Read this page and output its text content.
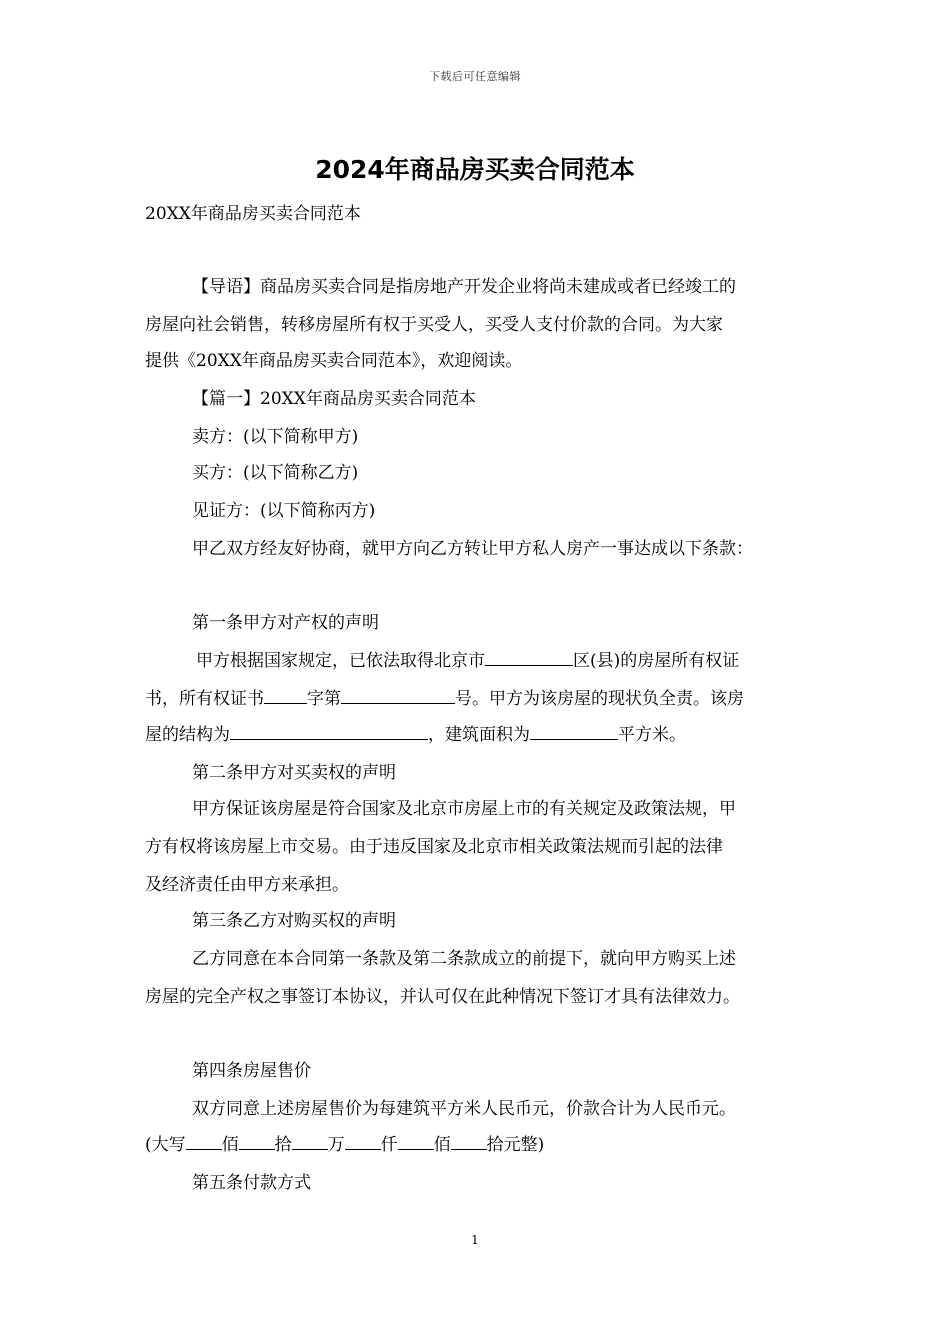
下载后可任意编辑
2024年商品房买卖合同范本
20XX年商品房买卖合同范本
【导语】商品房买卖合同是指房地产开发企业将尚未建成或者已经竣工的
房屋向社会销售，转移房屋所有权于买受人，买受人支付价款的合同。为大家
提供《20XX年商品房买卖合同范本》，欢迎阅读。
【篇一】20XX年商品房买卖合同范本
卖方：(以下简称甲方)
买方：(以下简称乙方)
见证方：(以下简称丙方)
甲乙双方经友好协商，就甲方向乙方转让甲方私人房产一事达成以下条款：
第一条甲方对产权的声明
甲方根据国家规定，已依法取得北京市	区(县)的房屋所有权证
书，所有权证书	字第	号。甲方为该房屋的现状负全责。该房
屋的结构为	，建筑面积为	平方米。
第二条甲方对买卖权的声明
甲方保证该房屋是符合国家及北京市房屋上市的有关规定及政策法规，甲
方有权将该房屋上市交易。由于违反国家及北京市相关政策法规而引起的法律
及经济责任由甲方来承担。
第三条乙方对购买权的声明
乙方同意在本合同第一条款及第二条款成立的前提下，就向甲方购买上述
房屋的完全产权之事签订本协议，并认可仅在此种情况下签订才具有法律效力。
第四条房屋售价
双方同意上述房屋售价为每建筑平方米人民币元，价款合计为人民币元。
(大写 佰 拾 万 仟 佰 拾元整)
第五条付款方式
1
